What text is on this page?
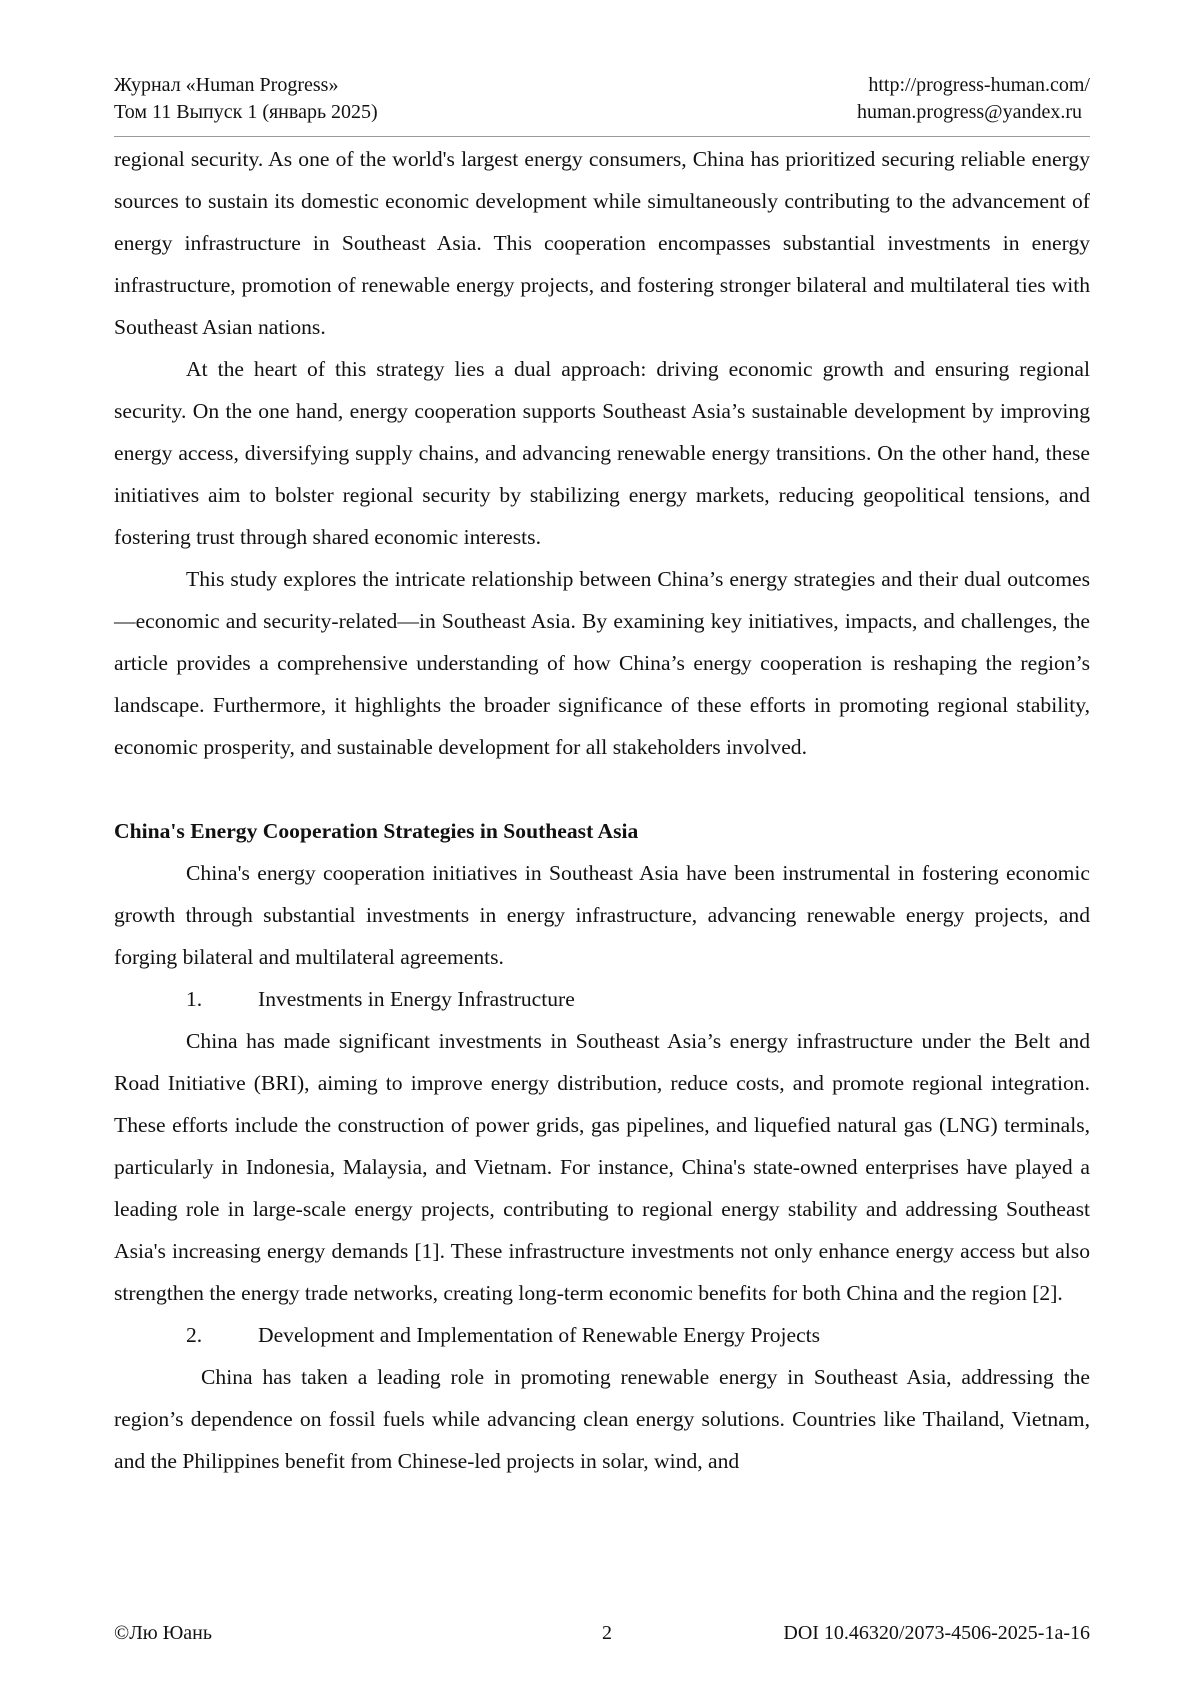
Журнал «Human Progress»
Том 11 Выпуск 1 (январь 2025)
http://progress-human.com/
human.progress@yandex.ru

regional security. As one of the world's largest energy consumers, China has prioritized securing reliable energy sources to sustain its domestic economic development while simultaneously contributing to the advancement of energy infrastructure in Southeast Asia. This cooperation encompasses substantial investments in energy infrastructure, promotion of renewable energy projects, and fostering stronger bilateral and multilateral ties with Southeast Asian nations.

At the heart of this strategy lies a dual approach: driving economic growth and ensuring regional security. On the one hand, energy cooperation supports Southeast Asia’s sustainable development by improving energy access, diversifying supply chains, and advancing renewable energy transitions. On the other hand, these initiatives aim to bolster regional security by stabilizing energy markets, reducing geopolitical tensions, and fostering trust through shared economic interests.

This study explores the intricate relationship between China’s energy strategies and their dual outcomes—economic and security-related—in Southeast Asia. By examining key initiatives, impacts, and challenges, the article provides a comprehensive understanding of how China’s energy cooperation is reshaping the region’s landscape. Furthermore, it highlights the broader significance of these efforts in promoting regional stability, economic prosperity, and sustainable development for all stakeholders involved.

China's Energy Cooperation Strategies in Southeast Asia

China's energy cooperation initiatives in Southeast Asia have been instrumental in fostering economic growth through substantial investments in energy infrastructure, advancing renewable energy projects, and forging bilateral and multilateral agreements.

1.	Investments in Energy Infrastructure

China has made significant investments in Southeast Asia’s energy infrastructure under the Belt and Road Initiative (BRI), aiming to improve energy distribution, reduce costs, and promote regional integration. These efforts include the construction of power grids, gas pipelines, and liquefied natural gas (LNG) terminals, particularly in Indonesia, Malaysia, and Vietnam. For instance, China's state-owned enterprises have played a leading role in large-scale energy projects, contributing to regional energy stability and addressing Southeast Asia's increasing energy demands [1]. These infrastructure investments not only enhance energy access but also strengthen the energy trade networks, creating long-term economic benefits for both China and the region [2].

2.	Development and Implementation of Renewable Energy Projects

China has taken a leading role in promoting renewable energy in Southeast Asia, addressing the region’s dependence on fossil fuels while advancing clean energy solutions. Countries like Thailand, Vietnam, and the Philippines benefit from Chinese-led projects in solar, wind, and

©Лю Юань	2	DOI 10.46320/2073-4506-2025-1a-16
